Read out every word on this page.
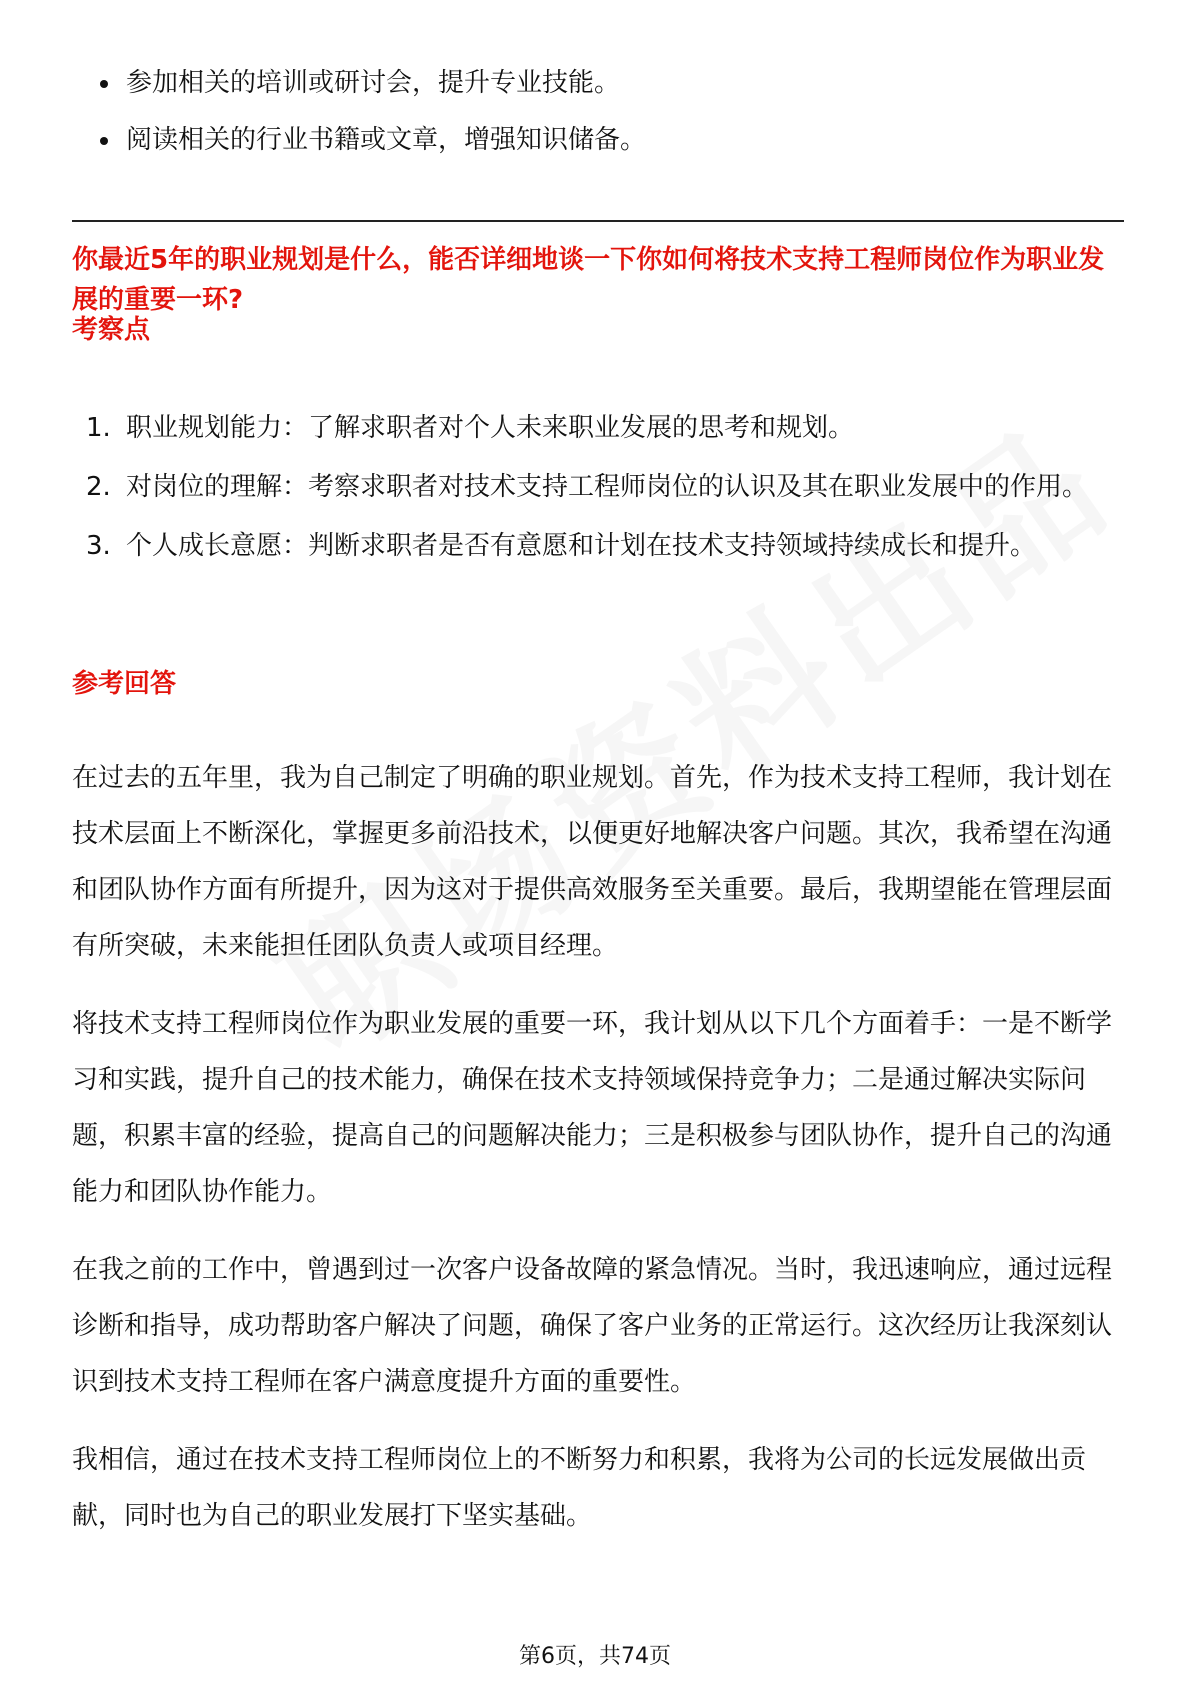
参加相关的培训或研讨会，提升专业技能。
阅读相关的行业书籍或文章，增强知识储备。
你最近5年的职业规划是什么，能否详细地谈一下你如何将技术支持工程师岗位作为职业发展的重要一环?
考察点
1. 职业规划能力：了解求职者对个人未来职业发展的思考和规划。
2. 对岗位的理解：考察求职者对技术支持工程师岗位的认识及其在职业发展中的作用。
3. 个人成长意愿：判断求职者是否有意愿和计划在技术支持领域持续成长和提升。
参考回答

在过去的五年里，我为自己制定了明确的职业规划。首先，作为技术支持工程师，我计划在技术层面上不断深化，掌握更多前沿技术，以便更好地解决客户问题。其次，我希望在沟通和团队协作方面有所提升，因为这对于提供高效服务至关重要。最后，我期望能在管理层面有所突破，未来能担任团队负责人或项目经理。

将技术支持工程师岗位作为职业发展的重要一环，我计划从以下几个方面着手：一是不断学习和实践，提升自己的技术能力，确保在技术支持领域保持竞争力；二是通过解决实际问题，积累丰富的经验，提高自己的问题解决能力；三是积极参与团队协作，提升自己的沟通能力和团队协作能力。

在我之前的工作中，曾遇到过一次客户设备故障的紧急情况。当时，我迅速响应，通过远程诊断和指导，成功帮助客户解决了问题，确保了客户业务的正常运行。这次经历让我深刻认识到技术支持工程师在客户满意度提升方面的重要性。

我相信，通过在技术支持工程师岗位上的不断努力和积累，我将为公司的长远发展做出贡献，同时也为自己的职业发展打下坚实基础。

第6页，共74页
